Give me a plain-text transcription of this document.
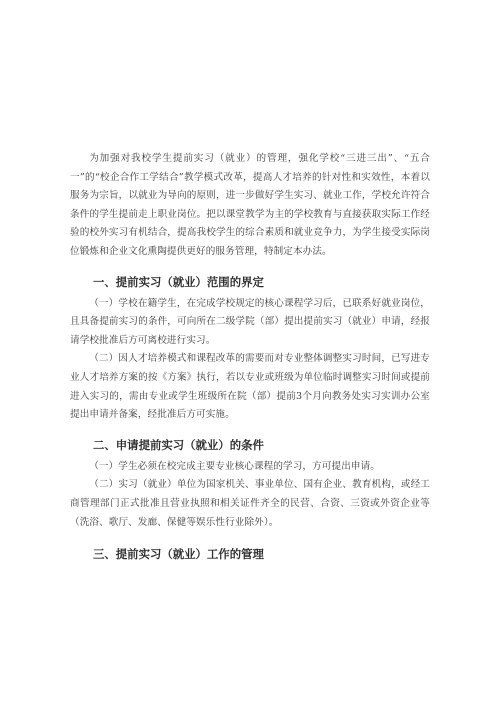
为加强对我校学生提前实习（就业）的管理，强化学校“三进三出”、“五合一”的“校企合作工学结合”教学模式改革，提高人才培养的针对性和实效性，本着以服务为宗旨，以就业为导向的原则，进一步做好学生实习、就业工作，学校允许符合条件的学生提前走上职业岗位。把以课堂教学为主的学校教育与直接获取实际工作经验的校外实习有机结合，提高我校学生的综合素质和就业竞争力，为学生接受实际岗位锻炼和企业文化熏陶提供更好的服务管理，特制定本办法。

一、提前实习（就业）范围的界定

（一）学校在籍学生，在完成学校规定的核心课程学习后，已联系好就业岗位，且具备提前实习的条件，可向所在二级学院（部）提出提前实习（就业）申请，经报请学校批准后方可离校进行实习。

（二）因人才培养模式和课程改革的需要而对专业整体调整实习时间，已写进专业人才培养方案的按《方案》执行，若以专业或班级为单位临时调整实习时间或提前进入实习的，需由专业或学生班级所在院（部）提前3个月向教务处实习实训办公室提出申请并备案，经批准后方可实施。

二、申请提前实习（就业）的条件

（一）学生必须在校完成主要专业核心课程的学习，方可提出申请。

（二）实习（就业）单位为国家机关、事业单位、国有企业、教育机构，或经工商管理部门正式批准且营业执照和相关证件齐全的民营、合资、三资或外资企业等（洗浴、歌厅、发廊、保健等娱乐性行业除外）。

三、提前实习（就业）工作的管理
